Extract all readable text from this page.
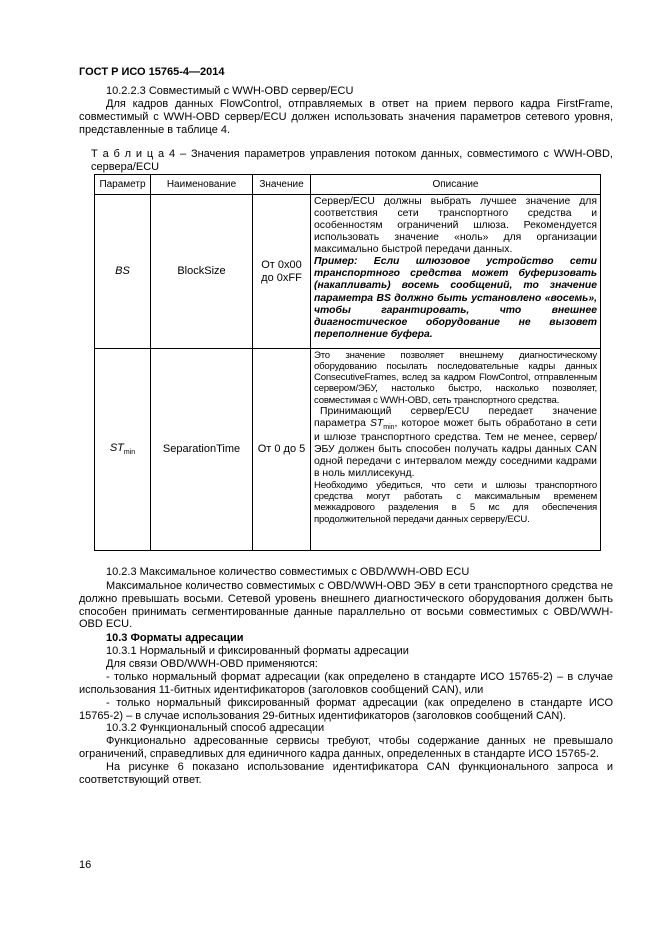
ГОСТ Р ИСО 15765-4—2014

10.2.2.3 Совместимый с WWH-OBD сервер/ECU

Для кадров данных FlowControl, отправляемых в ответ на прием первого кадра FirstFrame, совместимый с WWH-OBD сервер/ECU должен использовать значения параметров сетевого уровня, представленные в таблице 4.

Т а б л и ц а 4 – Значения параметров управления потоком данных, совместимого с WWH-OBD, сервера/ECU

Параметр	Наименование	Значение	Описание
BS	BlockSize	От 0x00 до 0xFF	Сервер/ECU должны выбрать лучшее значение для соответствия сети транспортного средства и особенностям ограничений шлюза. Рекомендуется использовать значение «ноль» для организации максимально быстрой передачи данных.
Пример: Если шлюзовое устройство сети транспортного средства может буферизовать (накапливать) восемь сообщений, то значение параметра BS должно быть установлено «восемь», чтобы гарантировать, что внешнее диагностическое оборудование не вызовет переполнение буфера.

$ST_{min}$	SeparationTime	От 0 до 5	Это значение позволяет внешнему диагностическому оборудованию посылать последовательные кадры данных ConsecutiveFrames, вслед за кадром FlowControl, отправленным сервером/ЭБУ, настолько быстро, насколько позволяет, совместимая с WWH-OBD, сеть транспортного средства.
Принимающий сервер/ECU передает значение параметра $ST_{min}$, которое может быть обработано в сети и шлюзе транспортного средства. Тем не менее, сервер/ЭБУ должен быть способен получать кадры данных CAN одной передачи с интервалом между соседними кадрами в ноль миллисекунд.
Необходимо убедиться, что сети и шлюзы транспортного средства могут работать с максимальным временем межкадрового разделения в 5 мс для обеспечения продолжительной передачи данных серверу/ECU.

10.2.3 Максимальное количество совместимых с OBD/WWH-OBD ECU

Максимальное количество совместимых с OBD/WWH-OBD ЭБУ в сети транспортного средства не должно превышать восьми. Сетевой уровень внешнего диагностического оборудования должен быть способен принимать сегментированные данные параллельно от восьми совместимых с OBD/WWH-OBD ECU.

10.3 Форматы адресации

10.3.1 Нормальный и фиксированный форматы адресации

Для связи OBD/WWH-OBD применяются:

- только нормальный формат адресации (как определено в стандарте ИСО 15765-2) – в случае использования 11-битных идентификаторов (заголовков сообщений CAN), или

- только нормальный фиксированный формат адресации (как определено в стандарте ИСО 15765-2) – в случае использования 29-битных идентификаторов (заголовков сообщений CAN).

10.3.2 Функциональный способ адресации

Функционально адресованные сервисы требуют, чтобы содержание данных не превышало ограничений, справедливых для единичного кадра данных, определенных в стандарте ИСО 15765-2.

На рисунке 6 показано использование идентификатора CAN функционального запроса и соответствующий ответ.

16
